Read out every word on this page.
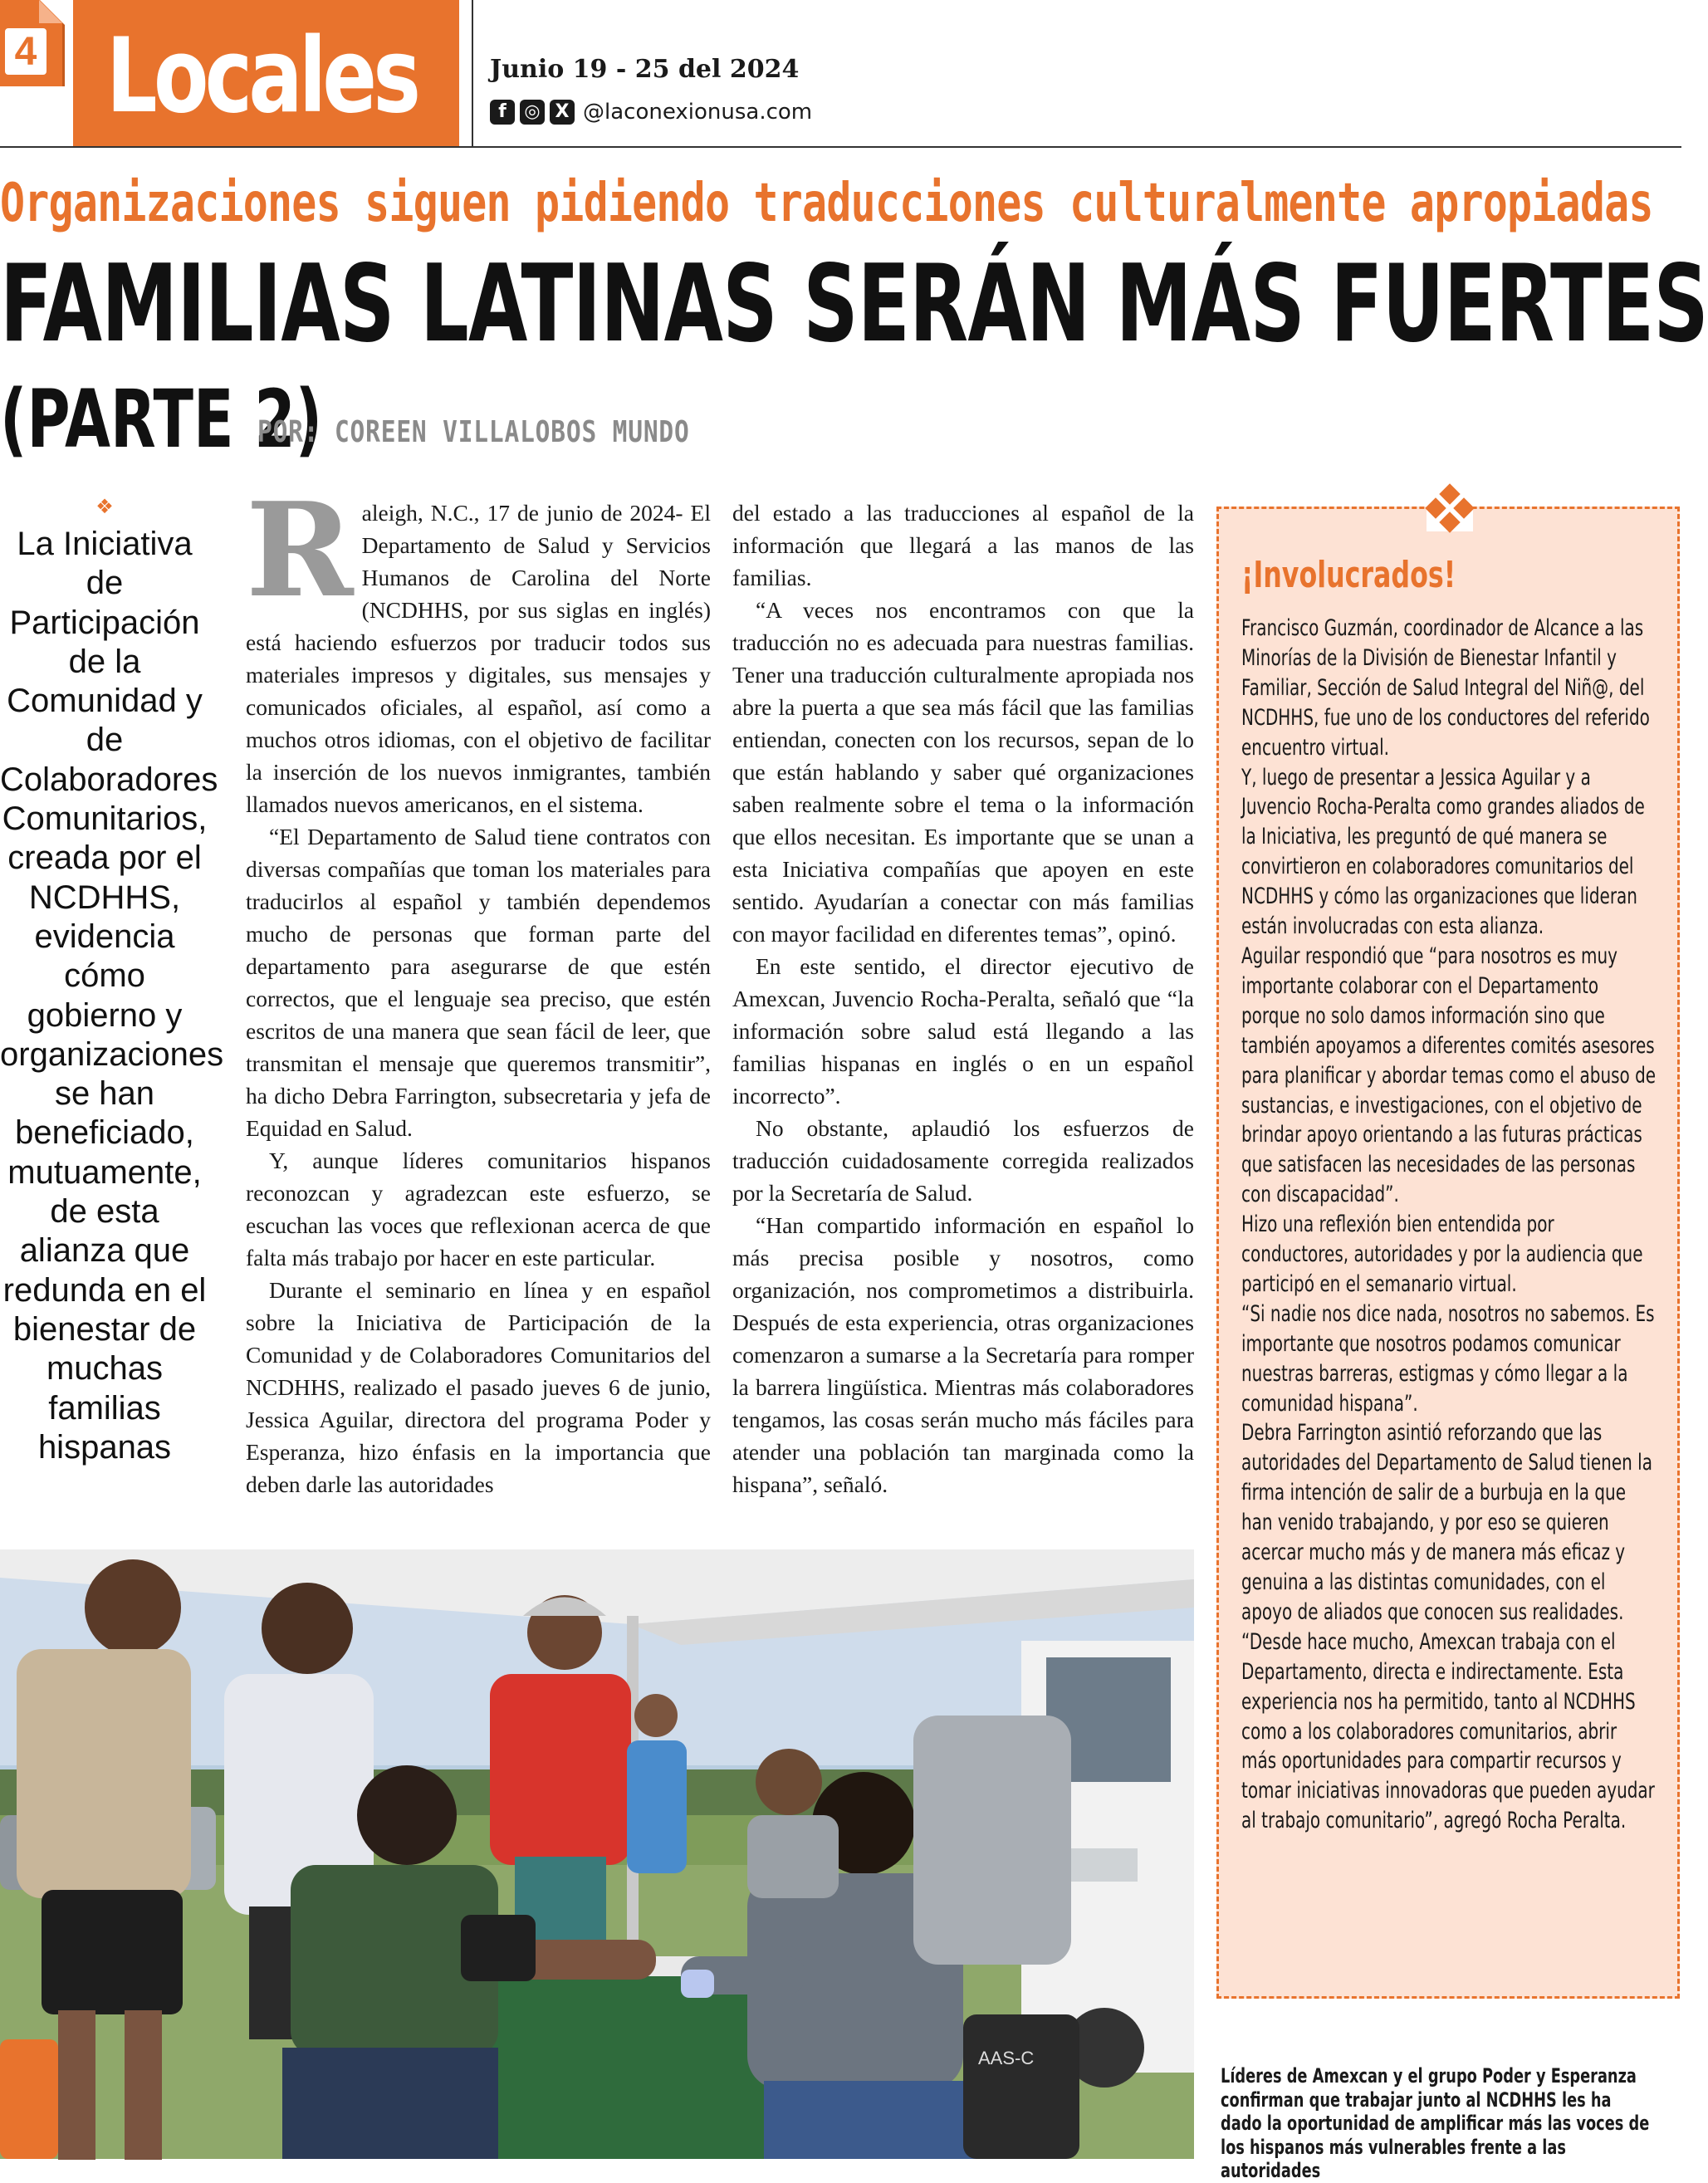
4 Locales	Junio 19 - 25 del 2024
f ◎ X @laconexionusa.com
Organizaciones siguen pidiendo traducciones culturalmente apropiadas
FAMILIAS LATINAS SERÁN MÁS FUERTES
(PARTE 2)
POR: COREEN VILLALOBOS MUNDO
❖
La Iniciativa de Participación de la Comunidad y de Colaboradores Comunitarios, creada por el NCDHHS, evidencia cómo gobierno y organizaciones se han beneficiado, mutuamente, de esta alianza que redunda en el bienestar de muchas familias hispanas

Raleigh, N.C., 17 de junio de 2024- El Departamento de Salud y Servicios Humanos de Carolina del Norte (NCDHHS, por sus siglas en inglés) está haciendo esfuerzos por traducir todos sus materiales impresos y digitales, sus mensajes y comunicados oficiales, al español, así como a muchos otros idiomas, con el objetivo de facilitar la inserción de los nuevos inmigrantes, también llamados nuevos americanos, en el sistema.

“El Departamento de Salud tiene contratos con diversas compañías que toman los materiales para traducirlos al español y también dependemos mucho de personas que forman parte del departamento para asegurarse de que estén correctos, que el lenguaje sea preciso, que estén escritos de una manera que sean fácil de leer, que transmitan el mensaje que queremos transmitir”, ha dicho Debra Farrington, subsecretaria y jefa de Equidad en Salud.

Y, aunque líderes comunitarios hispanos reconozcan y agradezcan este esfuerzo, se escuchan las voces que reflexionan acerca de que falta más trabajo por hacer en este particular.

Durante el seminario en línea y en español sobre la Iniciativa de Participación de la Comunidad y de Colaboradores Comunitarios del NCDHHS, realizado el pasado jueves 6 de junio, Jessica Aguilar, directora del programa Poder y Esperanza, hizo énfasis en la importancia que deben darle las autoridades

del estado a las traducciones al español de la información que llegará a las manos de las familias.

“A veces nos encontramos con que la traducción no es adecuada para nuestras familias. Tener una traducción culturalmente apropiada nos abre la puerta a que sea más fácil que las familias entiendan, conecten con los recursos, sepan de lo que están hablando y saber qué organizaciones saben realmente sobre el tema o la información que ellos necesitan. Es importante que se unan a esta Iniciativa compañías que apoyen en este sentido. Ayudarían a conectar con más familias con mayor facilidad en diferentes temas”, opinó.

En este sentido, el director ejecutivo de Amexcan, Juvencio Rocha-Peralta, señaló que “la información sobre salud está llegando a las familias hispanas en inglés o en un español incorrecto”.

No obstante, aplaudió los esfuerzos de traducción cuidadosamente corregida realizados por la Secretaría de Salud.

“Han compartido información en español lo más precisa posible y nosotros, como organización, nos comprometimos a distribuirla. Después de esta experiencia, otras organizaciones comenzaron a sumarse a la Secretaría para romper la barrera lingüística. Mientras más colaboradores tengamos, las cosas serán mucho más fáciles para atender una población tan marginada como la hispana”, señaló.

¡Involucrados!

Francisco Guzmán, coordinador de Alcance a las Minorías de la División de Bienestar Infantil y Familiar, Sección de Salud Integral del Niñ@, del NCDHHS, fue uno de los conductores del referido encuentro virtual.

Y, luego de presentar a Jessica Aguilar y a Juvencio Rocha-Peralta como grandes aliados de la Iniciativa, les preguntó de qué manera se convirtieron en colaboradores comunitarios del NCDHHS y cómo las organizaciones que lideran están involucradas con esta alianza.

Aguilar respondió que “para nosotros es muy importante colaborar con el Departamento porque no solo damos información sino que también apoyamos a diferentes comités asesores para planificar y abordar temas como el abuso de sustancias, e investigaciones, con el objetivo de brindar apoyo orientando a las futuras prácticas que satisfacen las necesidades de las personas con discapacidad”.

Hizo una reflexión bien entendida por conductores, autoridades y por la audiencia que participó en el semanario virtual.

“Si nadie nos dice nada, nosotros no sabemos. Es importante que nosotros podamos comunicar nuestras barreras, estigmas y cómo llegar a la comunidad hispana”.

Debra Farrington asintió reforzando que las autoridades del Departamento de Salud tienen la firma intención de salir de a burbuja en la que han venido trabajando, y por eso se quieren acercar mucho más y de manera más eficaz y genuina a las distintas comunidades, con el apoyo de aliados que conocen sus realidades.

“Desde hace mucho, Amexcan trabaja con el Departamento, directa e indirectamente. Esta experiencia nos ha permitido, tanto al NCDHHS como a los colaboradores comunitarios, abrir más oportunidades para compartir recursos y tomar iniciativas innovadoras que pueden ayudar al trabajo comunitario”, agregó Rocha Peralta.

AAS-C
Líderes de Amexcan y el grupo Poder y Esperanza confirman que trabajar junto al NCDHHS les ha dado la oportunidad de amplificar más las voces de los hispanos más vulnerables frente a las autoridades
